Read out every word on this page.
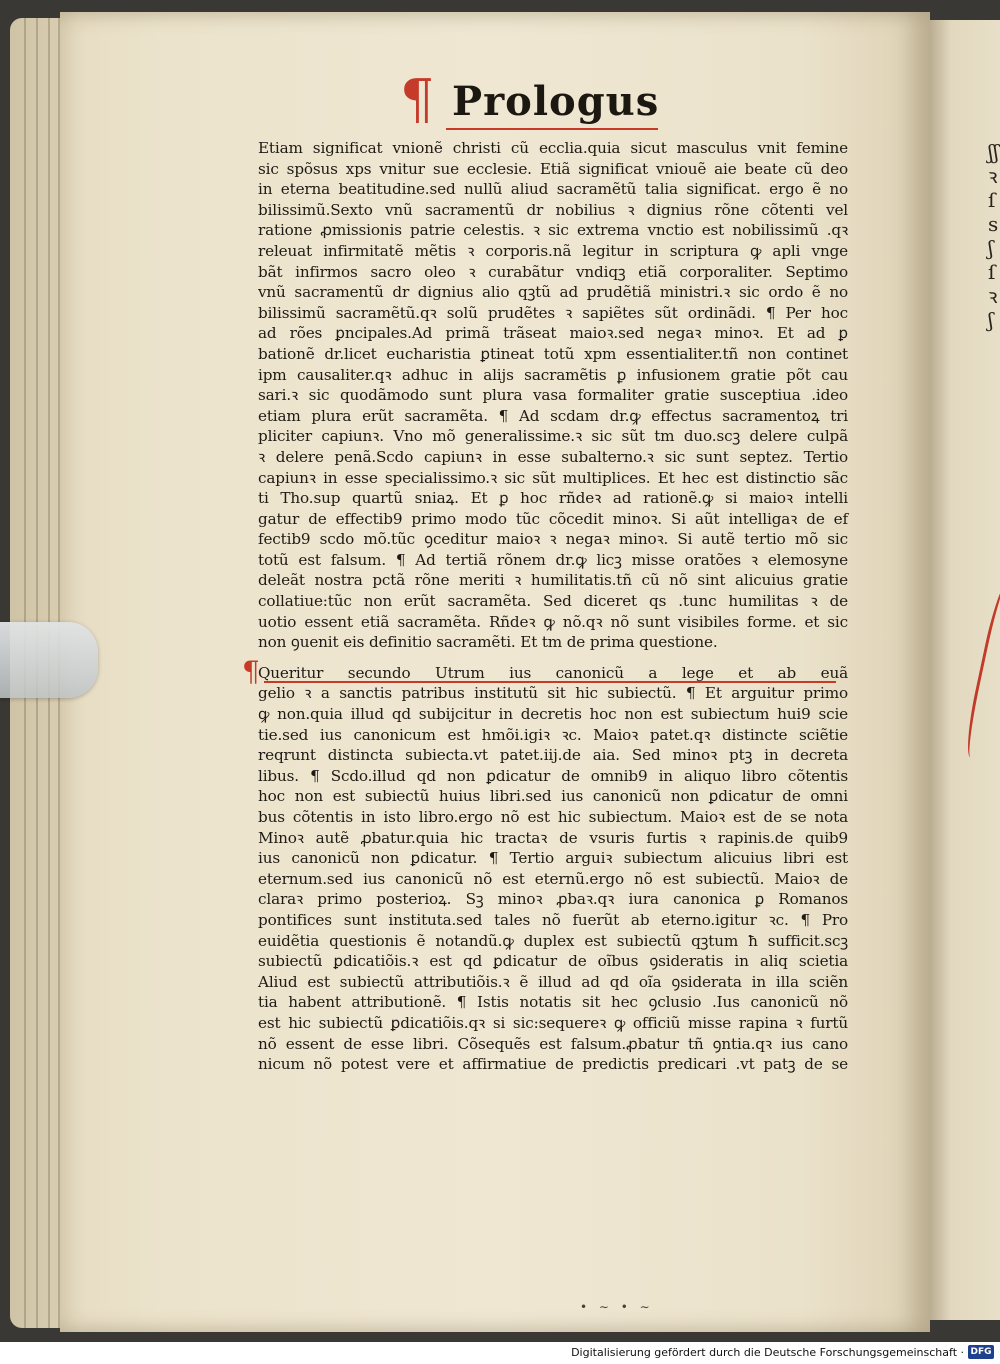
ʃʃꝛſsʃſꝛʃ
¶ Prologus
Etiam significat vnionẽ christi cũ ecclia.quia sicut masculus vnit femine
sic spõsus xps vnitur sue ecclesie. Etiã significat vniouẽ aie beate cũ deo
in eterna beatitudine.sed nullũ aliud sacramẽtũ talia significat. ergo ẽ no
bilissimũ.Sexto vnũ sacramentũ dr nobilius ꝛ dignius rõne cõtenti vel
ratione ꝓmissionis patrie celestis. ꝛ sic extrema vnctio est nobilissimũ .qꝛ
releuat infirmitatẽ mẽtis ꝛ corporis.nã legitur in scriptura ꝙ apli vnge
bãt infirmos sacro oleo ꝛ curabãtur vndiqꝫ etiã corporaliter. Septimo
vnũ sacramentũ dr dignius alio qꝫtũ ad prudẽtiã ministri.ꝛ sic ordo ẽ no
bilissimũ sacramẽtũ.qꝛ solũ prudẽtes ꝛ sapiẽtes sũt ordinãdi. ¶ Per hoc
ad rões ꝑncipales.Ad primã trãseat maioꝛ.sed negaꝛ minoꝛ. Et ad ꝑ
bationẽ dr.licet eucharistia ꝑtineat totũ xpm essentialiter.tñ non continet
ipm causaliter.qꝛ adhuc in alijs sacramẽtis ꝑ infusionem gratie põt cau
sari.ꝛ sic quodãmodo sunt plura vasa formaliter gratie susceptiua .ideo
etiam plura erũt sacramẽta. ¶ Ad scdam dr.ꝙ effectus sacramentoꝝ tri
pliciter capiunꝛ. Vno mõ generalissime.ꝛ sic sũt tm duo.scꝫ delere culpã
ꝛ delere penã.Scdo capiunꝛ in esse subalterno.ꝛ sic sunt septez. Tertio
capiunꝛ in esse specialissimo.ꝛ sic sũt multiplices. Et hec est distinctio sãc
ti Tho.sup quartũ sniaꝝ. Et ꝑ hoc rñdeꝛ ad rationẽ.ꝙ si maioꝛ intelli
gatur de effectib9 primo modo tũc cõcedit minoꝛ. Si aũt intelligaꝛ de ef
fectib9 scdo mõ.tũc ꝯceditur maioꝛ ꝛ negaꝛ minoꝛ. Si autẽ tertio mõ sic
totũ est falsum. ¶ Ad tertiã rõnem dr.ꝙ licꝫ misse oratões ꝛ elemosyne
deleãt nostra pctã rõne meriti ꝛ humilitatis.tñ cũ nõ sint alicuius gratie
collatiue:tũc non erũt sacramẽta. Sed diceret qs .tunc humilitas ꝛ de
uotio essent etiã sacramẽta. Rñdeꝛ ꝙ nõ.qꝛ nõ sunt visibiles forme. et sic
non ꝯuenit eis definitio sacramẽti. Et tm de prima questione.
¶
Queritur secundo Utrum ius canonicũ a lege et ab euã
gelio ꝛ a sanctis patribus institutũ sit hic subiectũ. ¶ Et arguitur primo
ꝙ non.quia illud qd subijcitur in decretis hoc non est subiectum hui9 scie
tie.sed ius canonicum est hmõi.igiꝛ ꝛc. Maioꝛ patet.qꝛ distincte sciẽtie
reqrunt distincta subiecta.vt patet.iij.de aia. Sed minoꝛ ptꝫ in decreta
libus. ¶ Scdo.illud qd non ꝑdicatur de omnib9 in aliquo libro cõtentis
hoc non est subiectũ huius libri.sed ius canonicũ non ꝑdicatur de omni
bus cõtentis in isto libro.ergo nõ est hic subiectum. Maioꝛ est de se nota
Minoꝛ autẽ ꝓbatur.quia hic tractaꝛ de vsuris furtis ꝛ rapinis.de quib9
ius canonicũ non ꝑdicatur. ¶ Tertio arguiꝛ subiectum alicuius libri est
eternum.sed ius canonicũ nõ est eternũ.ergo nõ est subiectũ. Maioꝛ de
claraꝛ primo posterioꝝ. Sꝫ minoꝛ ꝓbaꝛ.qꝛ iura canonica ꝑ Romanos
pontifices sunt instituta.sed tales nõ fuerũt ab eterno.igitur ꝛc. ¶ Pro
euidẽtia questionis ẽ notandũ.ꝙ duplex est subiectũ qꝫtum ħ sufficit.scꝫ
subiectũ ꝑdicatiõis.ꝛ est qd ꝑdicatur de oĩbus ꝯsideratis in aliq scietia
Aliud est subiectũ attributiõis.ꝛ ẽ illud ad qd oĩa ꝯsiderata in illa sciẽn
tia habent attributionẽ. ¶ Istis notatis sit hec ꝯclusio .Ius canonicũ nõ
est hic subiectũ ꝑdicatiõis.qꝛ si sic:sequereꝛ ꝙ officiũ misse rapina ꝛ furtũ
nõ essent de esse libri. Cõsequẽs est falsum.ꝓbatur tñ ꝯntia.qꝛ ius cano
nicum nõ potest vere et affirmatiue de predictis predicari .vt patꝫ de se
• ∼ • ∼
Digitalisierung gefördert durch die Deutsche Forschungsgemeinschaft · DFG
